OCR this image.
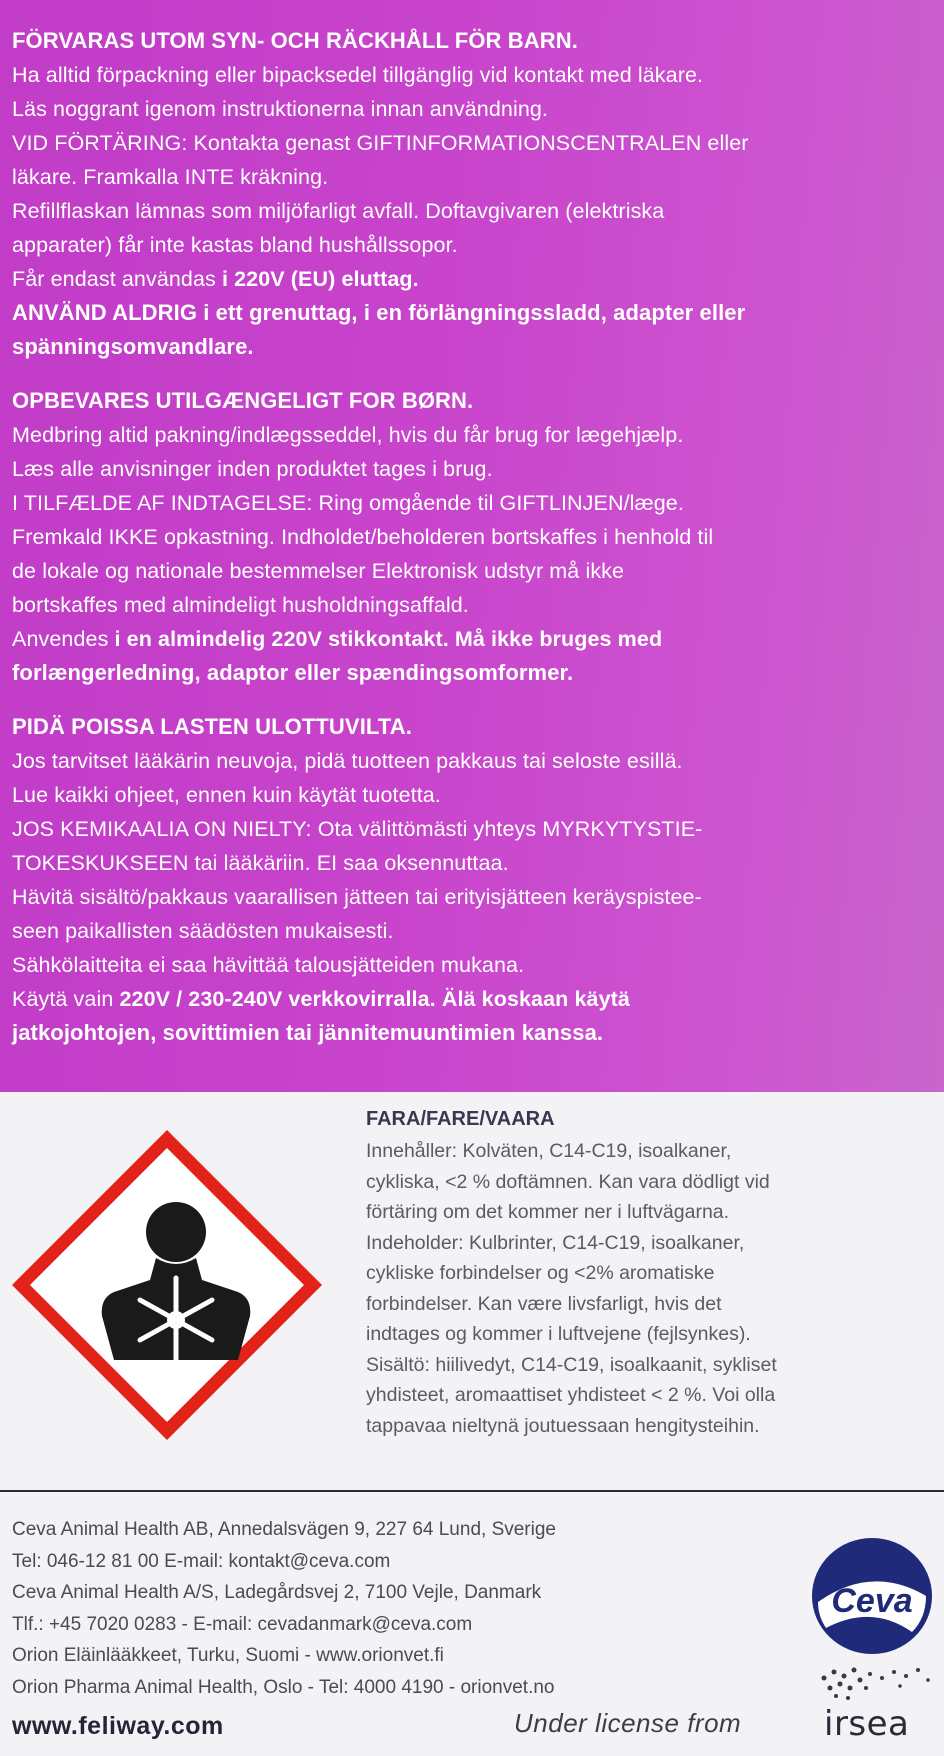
FÖRVARAS UTOM SYN- OCH RÄCKHÅLL FÖR BARN.

Ha alltid förpackning eller bipacksedel tillgänglig vid kontakt med läkare.

Läs noggrant igenom instruktionerna innan användning.

VID FÖRTÄRING: Kontakta genast GIFTINFORMATIONSCENTRALEN eller

läkare. Framkalla INTE kräkning.

Refillflaskan lämnas som miljöfarligt avfall. Doftavgivaren (elektriska

apparater) får inte kastas bland hushållssopor.

Får endast användas i 220V (EU) eluttag.

ANVÄND ALDRIG i ett grenuttag, i en förlängningssladd, adapter eller

spänningsomvandlare.

OPBEVARES UTILGÆNGELIGT FOR BØRN.

Medbring altid pakning/indlægsseddel, hvis du får brug for lægehjælp.

Læs alle anvisninger inden produktet tages i brug.

I TILFÆLDE AF INDTAGELSE: Ring omgående til GIFTLINJEN/læge.

Fremkald IKKE opkastning. Indholdet/beholderen bortskaffes i henhold til

de lokale og nationale bestemmelser Elektronisk udstyr må ikke

bortskaffes med almindeligt husholdningsaffald.

Anvendes i en almindelig 220V stikkontakt. Må ikke bruges med

forlængerledning, adaptor eller spændingsomformer.

PIDÄ POISSA LASTEN ULOTTUVILTA.

Jos tarvitset lääkärin neuvoja, pidä tuotteen pakkaus tai seloste esillä.

Lue kaikki ohjeet, ennen kuin käytät tuotetta.

JOS KEMIKAALIA ON NIELTY: Ota välittömästi yhteys MYRKYTYSTIE-

TOKESKUKSEEN tai lääkäriin. EI saa oksennuttaa.

Hävitä sisältö/pakkaus vaarallisen jätteen tai erityisjätteen keräyspistee-

seen paikallisten säädösten mukaisesti.

Sähkölaitteita ei saa hävittää talousjätteiden mukana.

Käytä vain 220V / 230-240V verkkovirralla. Älä koskaan käytä

jatkojohtojen, sovittimien tai jännitemuuntimien kanssa.

FARA/FARE/VAARA

Innehåller: Kolväten, C14-C19, isoalkaner,

cykliska, <2 % doftämnen. Kan vara dödligt vid

förtäring om det kommer ner i luftvägarna.

Indeholder: Kulbrinter, C14-C19, isoalkaner,

cykliske forbindelser og <2% aromatiske

forbindelser. Kan være livsfarligt, hvis det

indtages og kommer i luftvejene (fejlsynkes).

Sisältö: hiilivedyt, C14-C19, isoalkaanit, sykliset

yhdisteet, aromaattiset yhdisteet < 2 %. Voi olla

tappavaa nieltynä joutuessaan hengitysteihin.

Ceva Animal Health AB, Annedalsvägen 9, 227 64 Lund, Sverige

Tel: 046-12 81 00 E-mail: kontakt@ceva.com

Ceva Animal Health A/S, Ladegårdsvej 2, 7100 Vejle, Danmark

Tlf.: +45 7020 0283 - E-mail: cevadanmark@ceva.com

Orion Eläinlääkkeet, Turku, Suomi - www.orionvet.fi

Orion Pharma Animal Health, Oslo - Tel: 4000 4190 - orionvet.no

Ceva
irsea
www.feliway.com	Under license from
